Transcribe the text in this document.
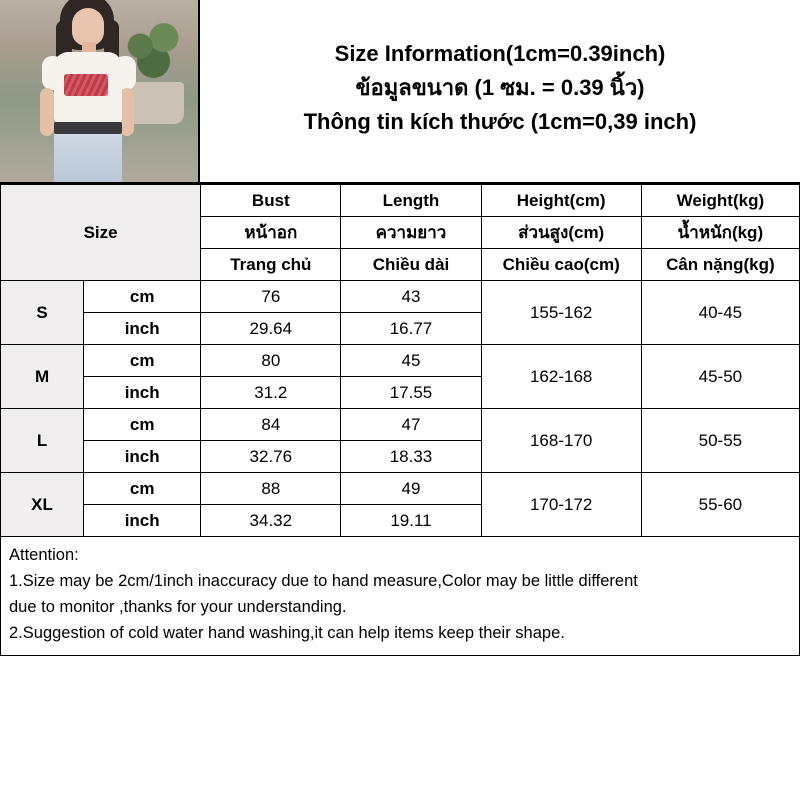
Size Information(1cm=0.39inch)
ข้อมูลขนาด (1 ซม. = 0.39 นิ้ว)
Thông tin kích thước (1cm=0,39 inch)
Size		Bust	Length	Height(cm)	Weight(kg)
		หน้าอก	ความยาว	ส่วนสูง(cm)	น้ำหนัก(kg)
		Trang chủ	Chiều dài	Chiều cao(cm)	Cân nặng(kg)
S	cm	76	43	155-162	40-45
	inch	29.64	16.77		
M	cm	80	45	162-168	45-50
	inch	31.2	17.55		
L	cm	84	47	168-170	50-55
	inch	32.76	18.33		
XL	cm	88	49	170-172	55-60
	inch	34.32	19.11		

Attention:

1.Size may be 2cm/1inch inaccuracy due to hand measure,Color may be little different

due to monitor ,thanks for your understanding.

2.Suggestion of cold water hand washing,it can help items keep their shape.
